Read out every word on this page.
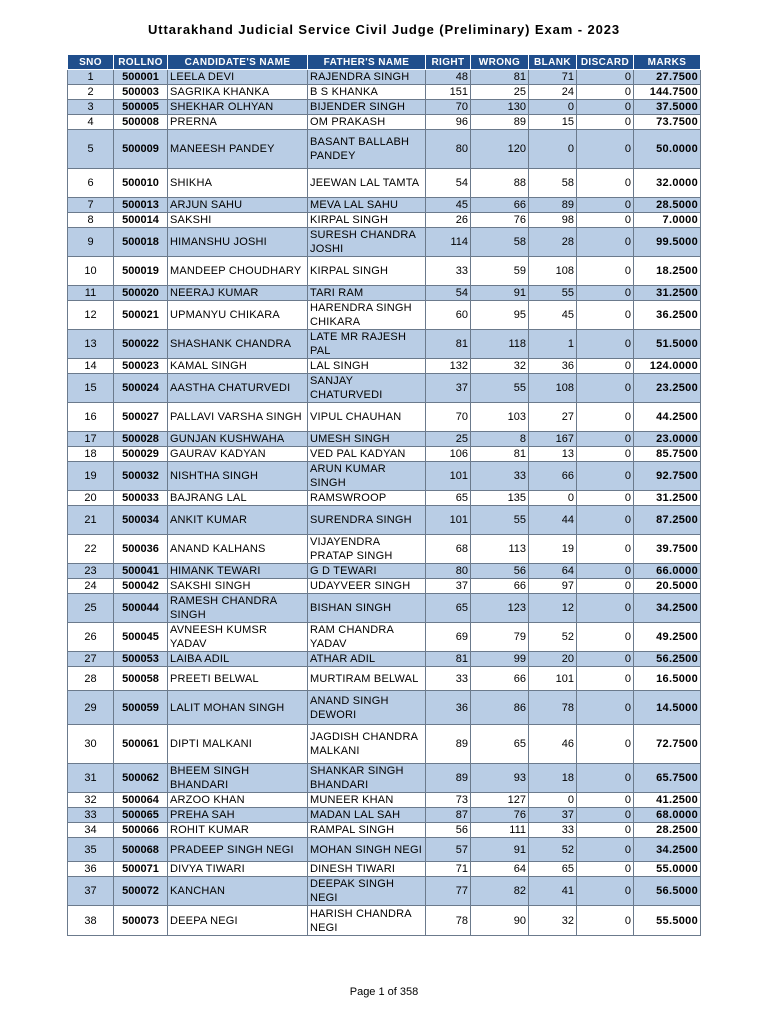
Uttarakhand Judicial Service Civil Judge (Preliminary) Exam - 2023
SNO	ROLLNO	CANDIDATE'S NAME	FATHER'S NAME	RIGHT	WRONG	BLANK	DISCARD	MARKS
1	500001	LEELA DEVI	RAJENDRA SINGH	48	81	71	0	27.7500
2	500003	SAGRIKA KHANKA	B S KHANKA	151	25	24	0	144.7500
3	500005	SHEKHAR OLHYAN	BIJENDER SINGH	70	130	0	0	37.5000
4	500008	PRERNA	OM PRAKASH	96	89	15	0	73.7500
5	500009	MANEESH PANDEY	BASANT BALLABH PANDEY	80	120	0	0	50.0000
6	500010	SHIKHA	JEEWAN LAL TAMTA	54	88	58	0	32.0000
7	500013	ARJUN SAHU	MEVA LAL SAHU	45	66	89	0	28.5000
8	500014	SAKSHI	KIRPAL SINGH	26	76	98	0	7.0000
9	500018	HIMANSHU JOSHI	SURESH CHANDRA JOSHI	114	58	28	0	99.5000
10	500019	MANDEEP CHOUDHARY	KIRPAL SINGH	33	59	108	0	18.2500
11	500020	NEERAJ KUMAR	TARI RAM	54	91	55	0	31.2500
12	500021	UPMANYU CHIKARA	HARENDRA SINGH CHIKARA	60	95	45	0	36.2500
13	500022	SHASHANK CHANDRA	LATE MR RAJESH PAL	81	118	1	0	51.5000
14	500023	KAMAL SINGH	LAL SINGH	132	32	36	0	124.0000
15	500024	AASTHA CHATURVEDI	SANJAY CHATURVEDI	37	55	108	0	23.2500
16	500027	PALLAVI VARSHA SINGH	VIPUL CHAUHAN	70	103	27	0	44.2500
17	500028	GUNJAN KUSHWAHA	UMESH SINGH	25	8	167	0	23.0000
18	500029	GAURAV KADYAN	VED PAL KADYAN	106	81	13	0	85.7500
19	500032	NISHTHA SINGH	ARUN KUMAR SINGH	101	33	66	0	92.7500
20	500033	BAJRANG LAL	RAMSWROOP	65	135	0	0	31.2500
21	500034	ANKIT KUMAR	SURENDRA SINGH	101	55	44	0	87.2500
22	500036	ANAND KALHANS	VIJAYENDRA PRATAP SINGH	68	113	19	0	39.7500
23	500041	HIMANK TEWARI	G D TEWARI	80	56	64	0	66.0000
24	500042	SAKSHI SINGH	UDAYVEER SINGH	37	66	97	0	20.5000
25	500044	RAMESH CHANDRA SINGH	BISHAN SINGH	65	123	12	0	34.2500
26	500045	AVNEESH KUMSR YADAV	RAM CHANDRA YADAV	69	79	52	0	49.2500
27	500053	LAIBA ADIL	ATHAR ADIL	81	99	20	0	56.2500
28	500058	PREETI BELWAL	MURTIRAM BELWAL	33	66	101	0	16.5000
29	500059	LALIT MOHAN SINGH	ANAND SINGH DEWORI	36	86	78	0	14.5000
30	500061	DIPTI MALKANI	JAGDISH CHANDRA MALKANI	89	65	46	0	72.7500
31	500062	BHEEM SINGH BHANDARI	SHANKAR SINGH BHANDARI	89	93	18	0	65.7500
32	500064	ARZOO KHAN	MUNEER KHAN	73	127	0	0	41.2500
33	500065	PREHA SAH	MADAN LAL SAH	87	76	37	0	68.0000
34	500066	ROHIT KUMAR	RAMPAL SINGH	56	111	33	0	28.2500
35	500068	PRADEEP SINGH NEGI	MOHAN SINGH NEGI	57	91	52	0	34.2500
36	500071	DIVYA TIWARI	DINESH TIWARI	71	64	65	0	55.0000
37	500072	KANCHAN	DEEPAK SINGH NEGI	77	82	41	0	56.5000
38	500073	DEEPA NEGI	HARISH CHANDRA NEGI	78	90	32	0	55.5000
Page 1 of 358
